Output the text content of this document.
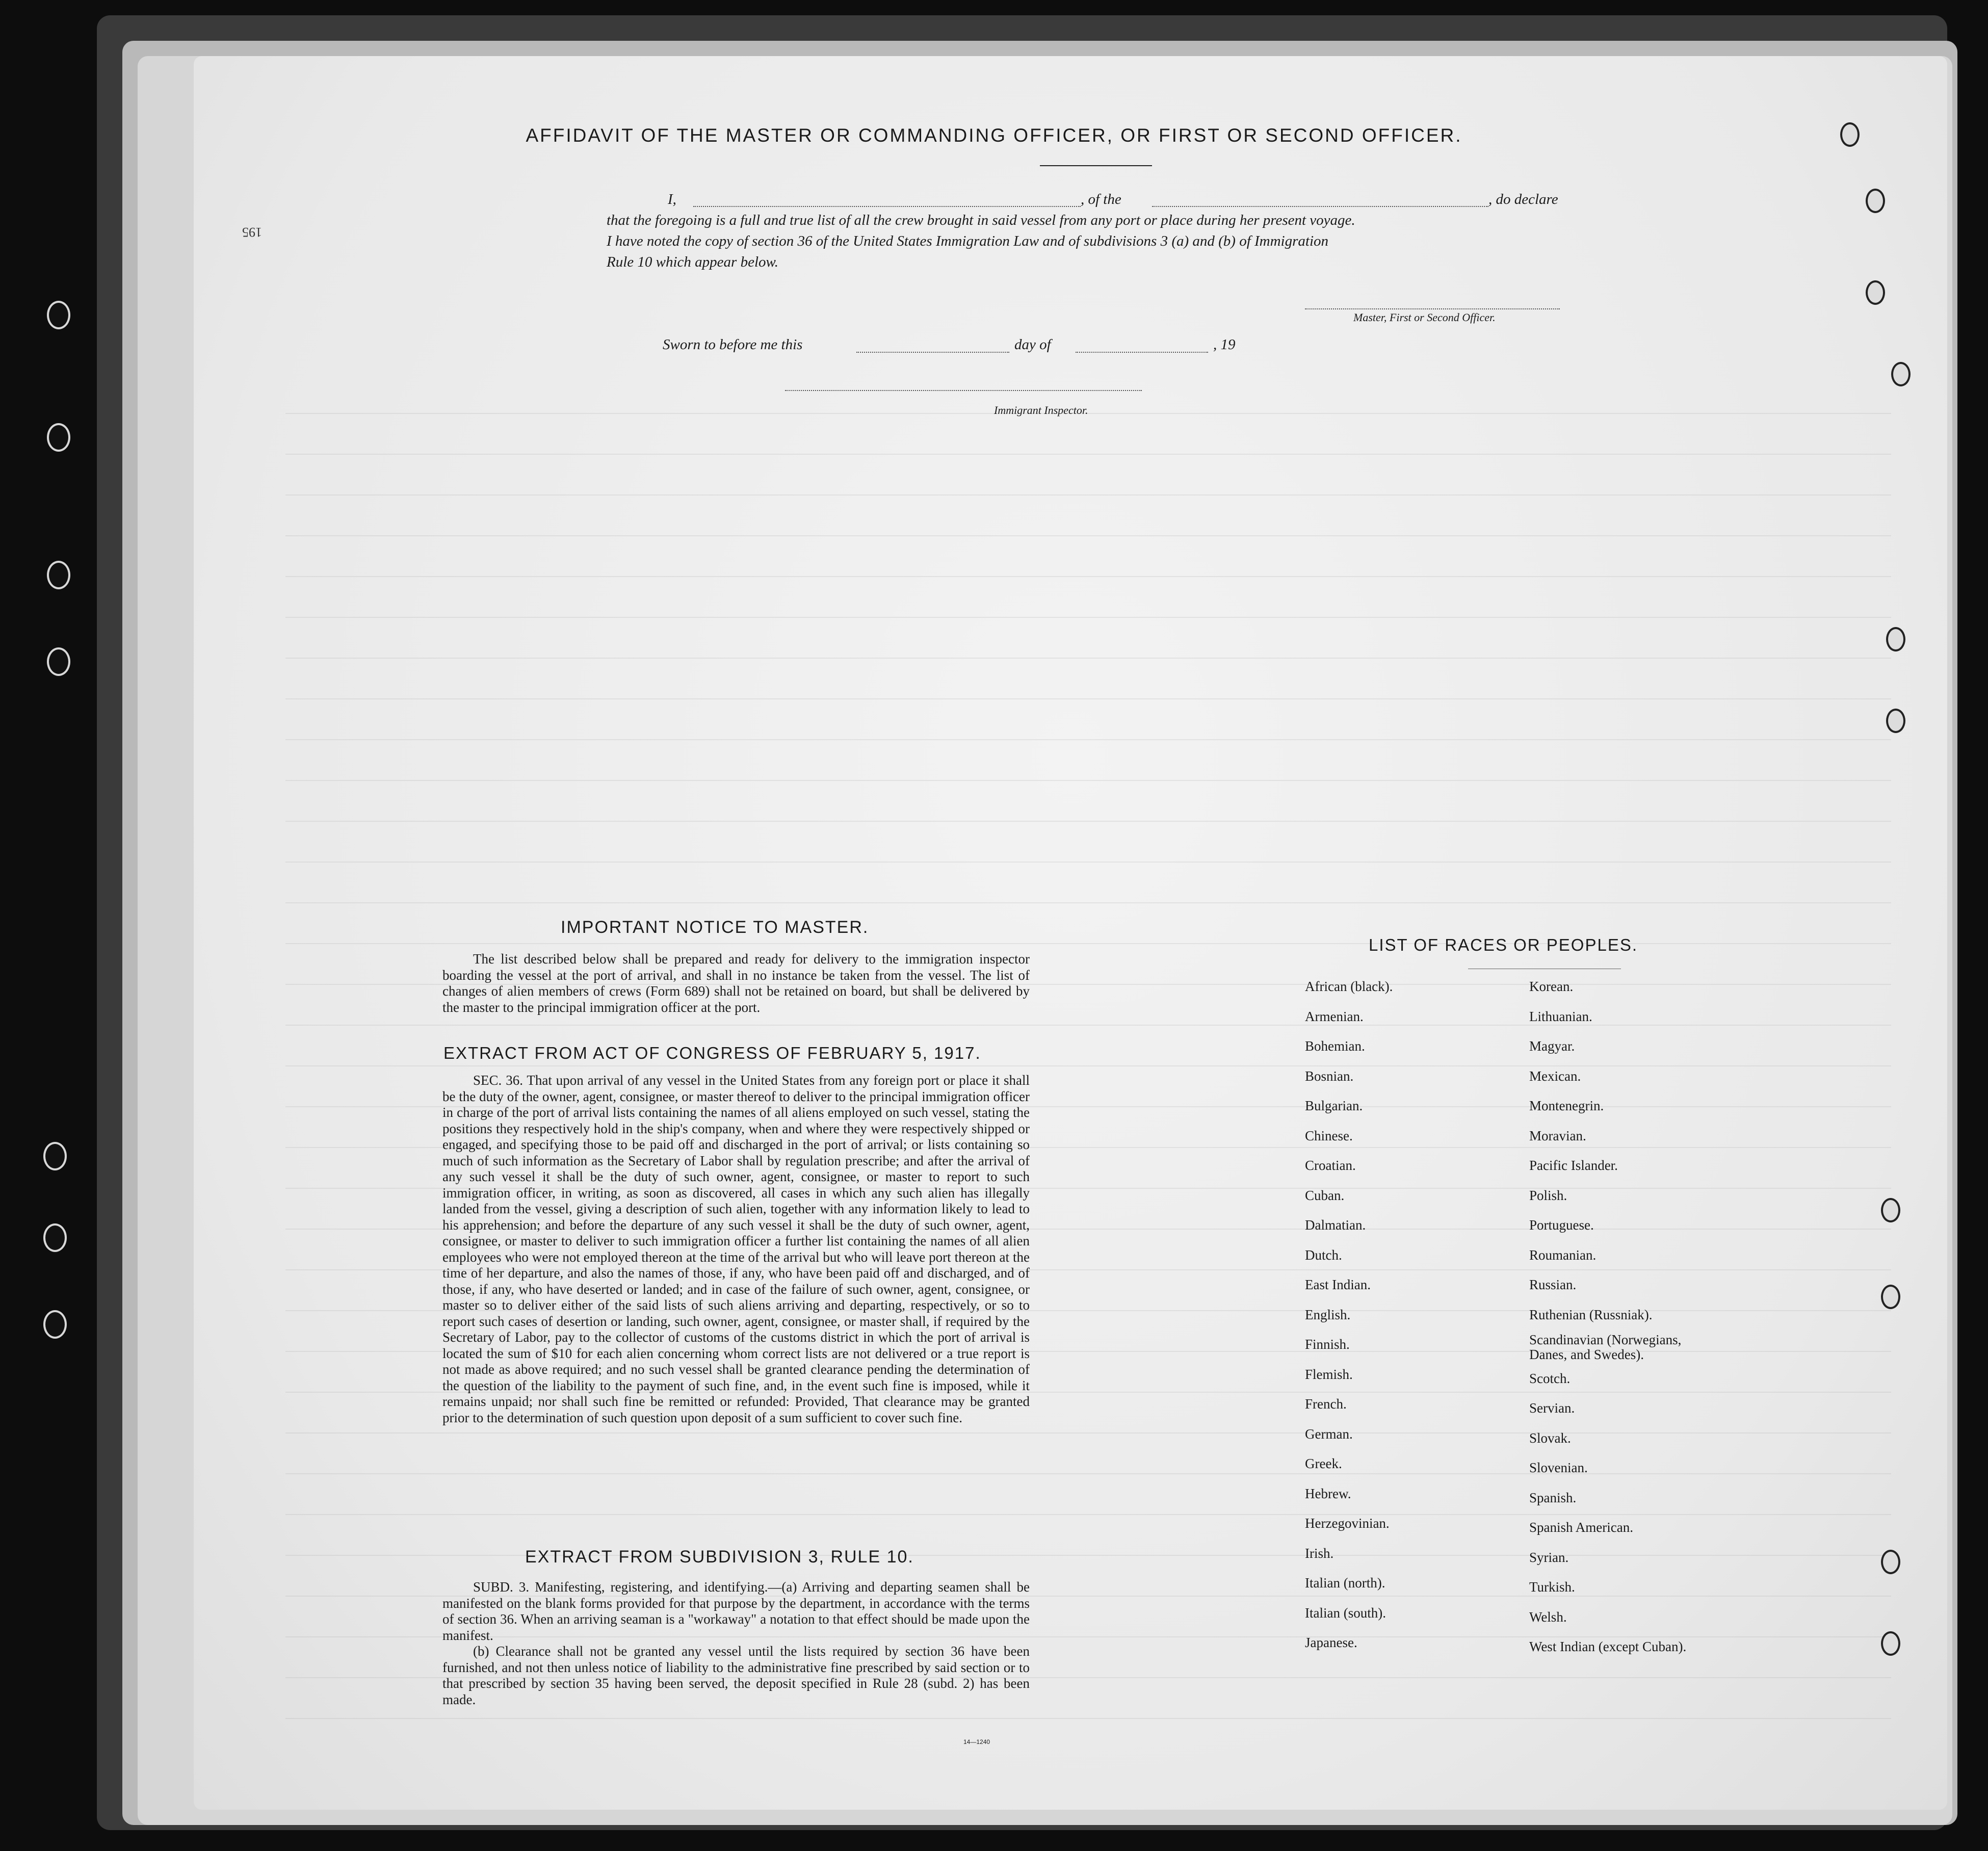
195
AFFIDAVIT OF THE MASTER OR COMMANDING OFFICER, OR FIRST OR SECOND OFFICER.
I,	, of the	, do declare
that the foregoing is a full and true list of all the crew brought in said vessel from any port or place during her present voyage.
I have noted the copy of section 36 of the United States Immigration Law and of subdivisions 3 (a) and (b) of Immigration
Rule 10 which appear below.
Master, First or Second Officer.
Sworn to before me this	day of	, 19
Immigrant Inspector.
IMPORTANT NOTICE TO MASTER.

The list described below shall be prepared and ready for delivery to the immigration inspector boarding the vessel at the port of arrival, and shall in no instance be taken from the vessel. The list of changes of alien members of crews (Form 689) shall not be retained on board, but shall be delivered by the master to the principal immigration officer at the port.

EXTRACT FROM ACT OF CONGRESS OF FEBRUARY 5, 1917.

SEC. 36. That upon arrival of any vessel in the United States from any foreign port or place it shall be the duty of the owner, agent, consignee, or master thereof to deliver to the principal immigration officer in charge of the port of arrival lists containing the names of all aliens employed on such vessel, stating the positions they respectively hold in the ship's company, when and where they were respectively shipped or engaged, and specifying those to be paid off and discharged in the port of arrival; or lists containing so much of such information as the Secretary of Labor shall by regulation prescribe; and after the arrival of any such vessel it shall be the duty of such owner, agent, consignee, or master to report to such immigration officer, in writing, as soon as discovered, all cases in which any such alien has illegally landed from the vessel, giving a description of such alien, together with any information likely to lead to his apprehension; and before the departure of any such vessel it shall be the duty of such owner, agent, consignee, or master to deliver to such immigration officer a further list containing the names of all alien employees who were not employed thereon at the time of the arrival but who will leave port thereon at the time of her departure, and also the names of those, if any, who have been paid off and discharged, and of those, if any, who have deserted or landed; and in case of the failure of such owner, agent, consignee, or master so to deliver either of the said lists of such aliens arriving and departing, respectively, or so to report such cases of desertion or landing, such owner, agent, consignee, or master shall, if required by the Secretary of Labor, pay to the collector of customs of the customs district in which the port of arrival is located the sum of $10 for each alien concerning whom correct lists are not delivered or a true report is not made as above required; and no such vessel shall be granted clearance pending the determination of the question of the liability to the payment of such fine, and, in the event such fine is imposed, while it remains unpaid; nor shall such fine be remitted or refunded: Provided, That clearance may be granted prior to the determination of such question upon deposit of a sum sufficient to cover such fine.

EXTRACT FROM SUBDIVISION 3, RULE 10.

SUBD. 3. Manifesting, registering, and identifying.—(a) Arriving and departing seamen shall be manifested on the blank forms provided for that purpose by the department, in accordance with the terms of section 36. When an arriving seaman is a "workaway" a notation to that effect should be made upon the manifest.

(b) Clearance shall not be granted any vessel until the lists required by section 36 have been furnished, and not then unless notice of liability to the administrative fine prescribed by said section or to that prescribed by section 35 having been served, the deposit specified in Rule 28 (subd. 2) has been made.

14—1240
LIST OF RACES OR PEOPLES.
African (black).
Armenian.
Bohemian.
Bosnian.
Bulgarian.
Chinese.
Croatian.
Cuban.
Dalmatian.
Dutch.
East Indian.
English.
Finnish.
Flemish.
French.
German.
Greek.
Hebrew.
Herzegovinian.
Irish.
Italian (north).
Italian (south).
Japanese.
Korean.
Lithuanian.
Magyar.
Mexican.
Montenegrin.
Moravian.
Pacific Islander.
Polish.
Portuguese.
Roumanian.
Russian.
Ruthenian (Russniak).
Scandinavian (Norwegians, Danes, and Swedes).
Scotch.
Servian.
Slovak.
Slovenian.
Spanish.
Spanish American.
Syrian.
Turkish.
Welsh.
West Indian (except Cuban).
